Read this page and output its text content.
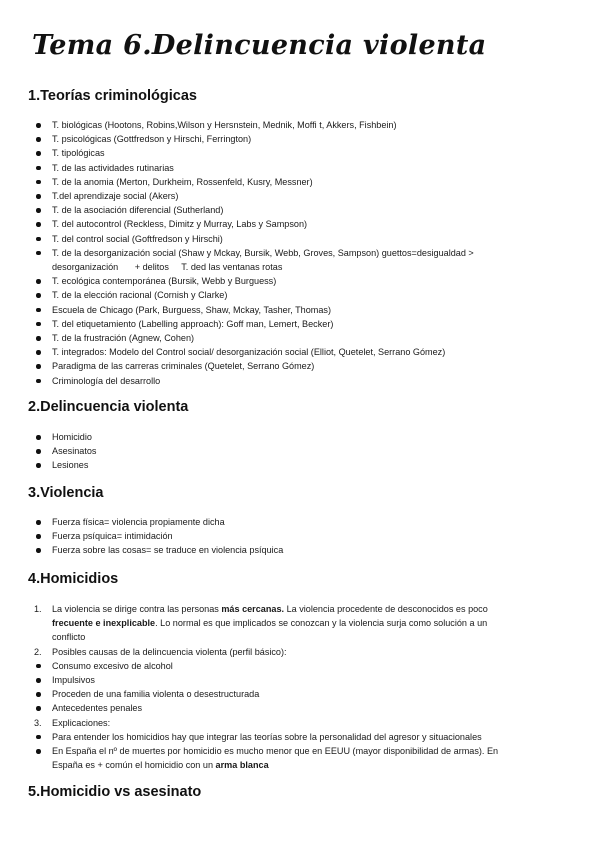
Tema 6.Delincuencia violenta
1.Teorías criminológicas
T. biológicas (Hootons, Robins,Wilson y Hersnstein, Mednik, Moffi t, Akkers, Fishbein)
T. psicológicas (Gottfredson y Hirschi, Ferrington)
T. tipológicas
T. de las actividades rutinarias
T. de la anomia (Merton, Durkheim, Rossenfeld, Kusry, Messner)
T.del aprendizaje social (Akers)
T. de la asociación diferencial (Sutherland)
T. del autocontrol (Reckless, Dimitz y Murray, Labs y Sampson)
T. del control social (Goftfredson y Hirschi)
T. de la desorganización social (Shaw y Mckay, Bursik, Webb, Groves, Sampson) guettos=desigualdad >
desorganización + delitos T. ded las ventanas rotas
T. ecológica contemporánea (Bursik, Webb y Burguess)
T. de la elección racional (Cornish y Clarke)
Escuela de Chicago (Park, Burguess, Shaw, Mckay, Tasher, Thomas)
T. del etiquetamiento (Labelling approach): Goff man, Lemert, Becker)
T. de la frustración (Agnew, Cohen)
T. integrados: Modelo del Control social/ desorganización social (Elliot, Quetelet, Serrano Gómez)
Paradigma de las carreras criminales (Quetelet, Serrano Gómez)
Criminología del desarrollo
2.Delincuencia violenta
Homicidio
Asesinatos
Lesiones
3.Violencia
Fuerza física= violencia propiamente dicha
Fuerza psíquica= intimidación
Fuerza sobre las cosas= se traduce en violencia psíquica
4.Homicidios
1. La violencia se dirige contra las personas más cercanas. La violencia procedente de desconocidos es poco
frecuente e inexplicable. Lo normal es que implicados se conozcan y la violencia surja como solución a un
conflicto
2. Posibles causas de la delincuencia violenta (perfil básico):
Consumo excesivo de alcohol
Impulsivos
Proceden de una familia violenta o desestructurada
Antecedentes penales
3. Explicaciones:
Para entender los homicidios hay que integrar las teorías sobre la personalidad del agresor y situacionales
En España el nº de muertes por homicidio es mucho menor que en EEUU (mayor disponibilidad de armas). En
España es + común el homicidio con un arma blanca
5.Homicidio vs asesinato
